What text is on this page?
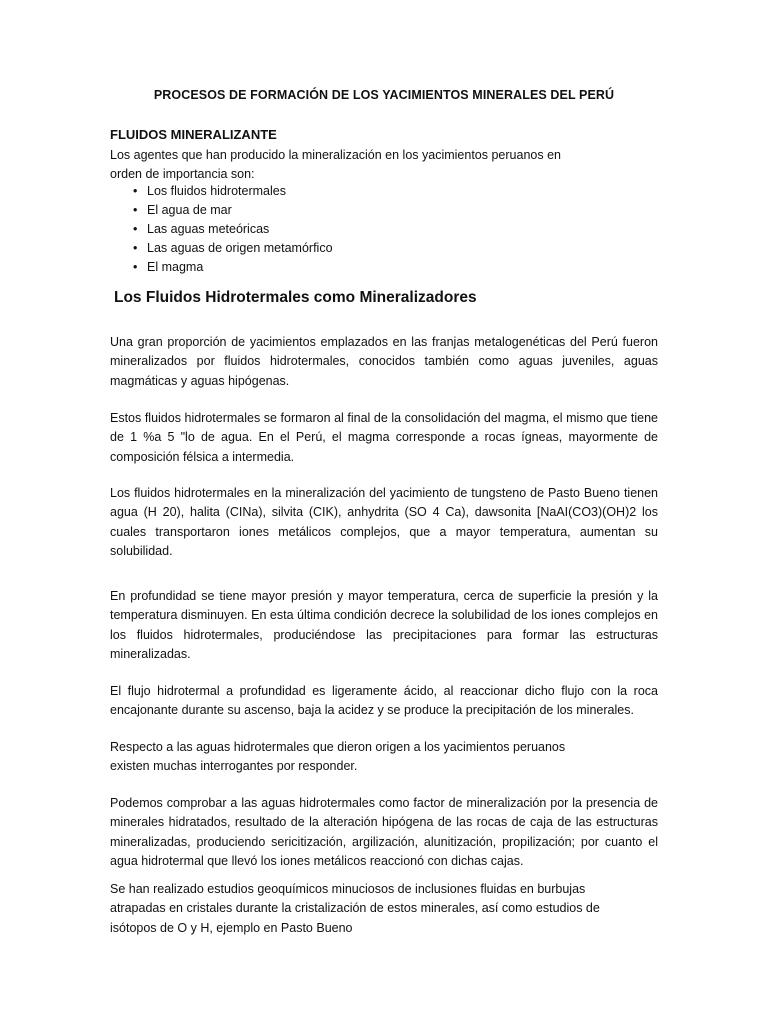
PROCESOS DE FORMACIÓN DE LOS YACIMIENTOS MINERALES DEL PERÚ
FLUIDOS MINERALIZANTE
Los agentes que han producido la mineralización en los yacimientos peruanos en orden de importancia son:
• Los fluidos hidrotermales
• El agua de mar
• Las aguas meteóricas
• Las aguas de origen metamórfico
• El magma
Los Fluidos Hidrotermales como Mineralizadores

Una gran proporción de yacimientos emplazados en las franjas metalogenéticas del Perú fueron mineralizados por fluidos hidrotermales, conocidos también como aguas juveniles, aguas magmáticas y aguas hipógenas.

Estos fluidos hidrotermales se formaron al final de la consolidación del magma, el mismo que tiene de 1 %a 5 "lo de agua. En el Perú, el magma corresponde a rocas ígneas, mayormente de composición félsica a intermedia.

Los fluidos hidrotermales en la mineralización del yacimiento de tungsteno de Pasto Bueno tienen agua (H 20), halita (CINa), silvita (CIK), anhydrita (SO 4 Ca), dawsonita [NaAI(CO3)(OH)2 los cuales transportaron iones metálicos complejos, que a mayor temperatura, aumentan su solubilidad.

En profundidad se tiene mayor presión y mayor temperatura, cerca de superficie la presión y la temperatura disminuyen. En esta última condición decrece la solubilidad de los iones complejos en los fluidos hidrotermales, produciéndose las precipitaciones para formar las estructuras mineralizadas.

El flujo hidrotermal a profundidad es ligeramente ácido, al reaccionar dicho flujo con la roca encajonante durante su ascenso, baja la acidez y se produce la precipitación de los minerales.

Respecto a las aguas hidrotermales que dieron origen a los yacimientos peruanos existen muchas interrogantes por responder.

Podemos comprobar a las aguas hidrotermales como factor de mineralización por la presencia de minerales hidratados, resultado de la alteración hipógena de las rocas de caja de las estructuras mineralizadas, produciendo sericitización, argilización, alunitización, propilización; por cuanto el agua hidrotermal que llevó los iones metálicos reaccionó con dichas cajas.

Se han realizado estudios geoquímicos minuciosos de inclusiones fluidas en burbujas atrapadas en cristales durante la cristalización de estos minerales, así como estudios de isótopos de O y H, ejemplo en Pasto Bueno
